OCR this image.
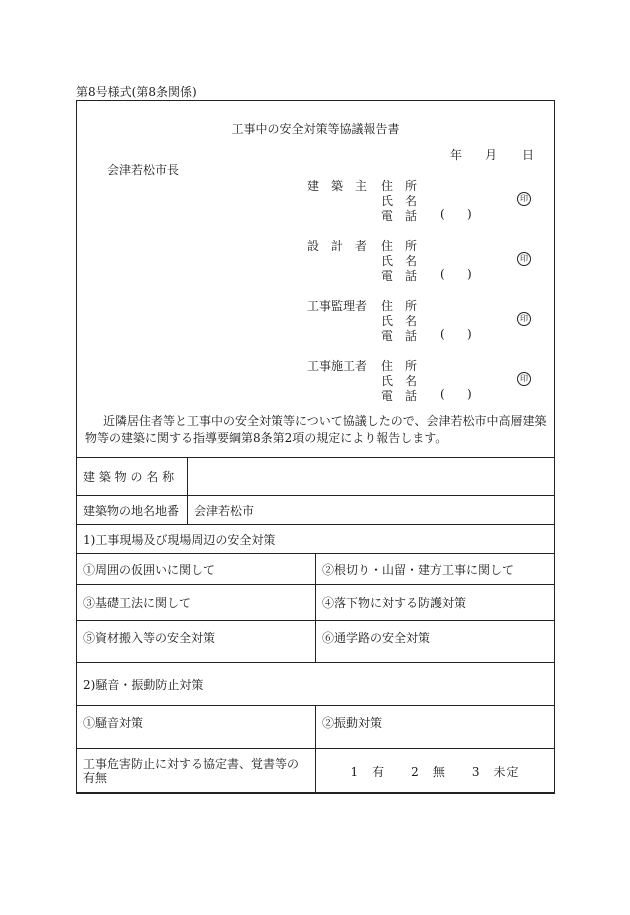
第8号様式(第8条関係)
工事中の安全対策等協議報告書
年 月 日
会津若松市長
建　築　主 住　所
氏　名	印
電　話 ( )
設　計　者 住　所
氏　名	印
電　話 ( )
工事監理者 住　所
氏　名	印
電　話 ( )
工事施工者 住　所
氏　名	印
電　話 ( )

近隣居住者等と工事中の安全対策等について協議したので、会津若松市中高層建築物等の建築に関する指導要綱第8条第2項の規定により報告します。

建 築 物 の 名 称	
建築物の地名地番	会津若松市
1)工事現場及び現場周辺の安全対策	
①周囲の仮囲いに関して	②根切り・山留・建方工事に関して
③基礎工法に関して	④落下物に対する防護対策
⑤資材搬入等の安全対策	⑥通学路の安全対策
2)騒音・振動防止対策	
①騒音対策	②振動対策
工事危害防止に対する協定書、覚書等の有無	1　有　　2　無　　3　未定
